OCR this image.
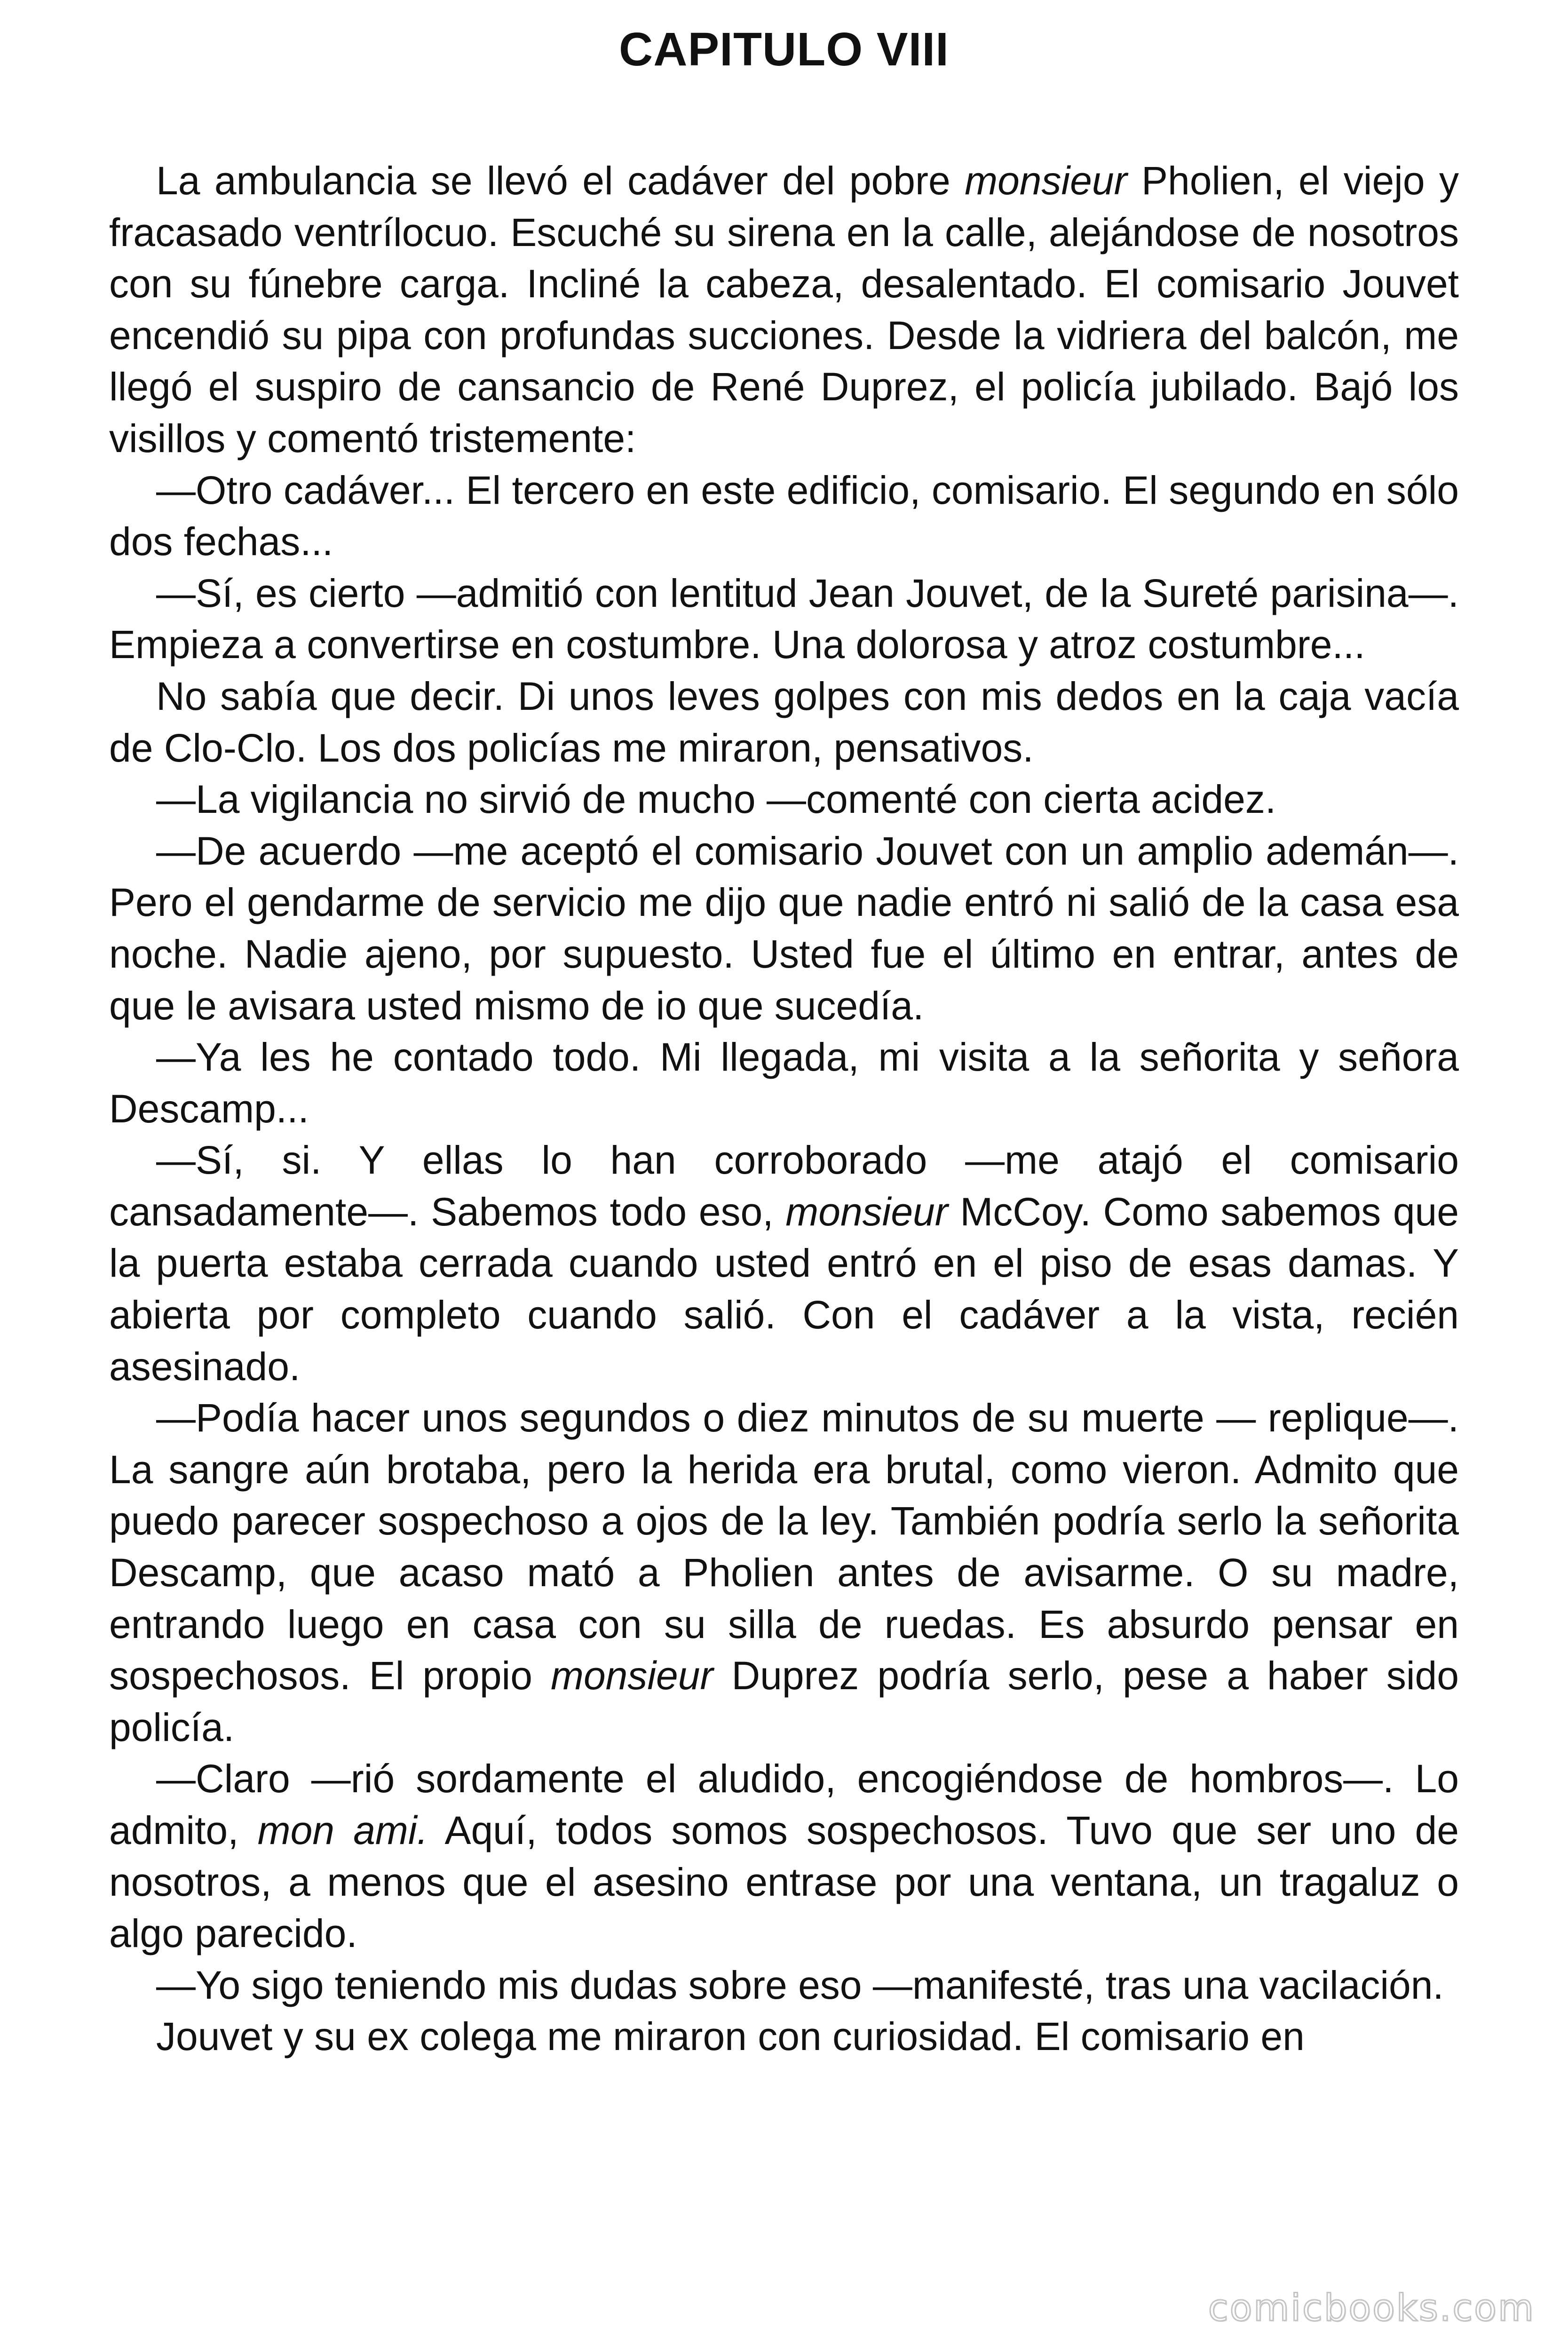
CAPITULO VIII

La ambulancia se llevó el cadáver del pobre monsieur Pholien, el viejo y fracasado ventrílocuo. Escuché su sirena en la calle, alejándose de nosotros con su fúnebre carga. Incliné la cabeza, desalentado. El comisario Jouvet encendió su pipa con profundas succiones. Desde la vidriera del balcón, me llegó el suspiro de cansancio de René Duprez, el policía jubilado. Bajó los visillos y comentó tristemente:

—Otro cadáver... El tercero en este edificio, comisario. El segundo en sólo dos fechas...

—Sí, es cierto —admitió con lentitud Jean Jouvet, de la Sureté parisina—. Empieza a convertirse en costumbre. Una dolorosa y atroz costumbre...

No sabía que decir. Di unos leves golpes con mis dedos en la caja vacía de Clo-Clo. Los dos policías me miraron, pensativos.

—La vigilancia no sirvió de mucho —comenté con cierta acidez.

—De acuerdo —me aceptó el comisario Jouvet con un amplio ademán—. Pero el gendarme de servicio me dijo que nadie entró ni salió de la casa esa noche. Nadie ajeno, por supuesto. Usted fue el último en entrar, antes de que le avisara usted mismo de io que sucedía.

—Ya les he contado todo. Mi llegada, mi visita a la señorita y señora Descamp...

—Sí, si. Y ellas lo han corroborado —me atajó el comisario cansadamente—. Sabemos todo eso, monsieur McCoy. Como sabemos que la puerta estaba cerrada cuando usted entró en el piso de esas damas. Y abierta por completo cuando salió. Con el cadáver a la vista, recién asesinado.

—Podía hacer unos segundos o diez minutos de su muerte — replique—. La sangre aún brotaba, pero la herida era brutal, como vieron. Admito que puedo parecer sospechoso a ojos de la ley. También podría serlo la señorita Descamp, que acaso mató a Pholien antes de avisarme. O su madre, entrando luego en casa con su silla de ruedas. Es absurdo pensar en sospechosos. El propio monsieur Duprez podría serlo, pese a haber sido policía.

—Claro —rió sordamente el aludido, encogiéndose de hombros—. Lo admito, mon ami. Aquí, todos somos sospechosos. Tuvo que ser uno de nosotros, a menos que el asesino entrase por una ventana, un tragaluz o algo parecido.

—Yo sigo teniendo mis dudas sobre eso —manifesté, tras una vacilación.

Jouvet y su ex colega me miraron con curiosidad. El comisario en

comicbooks.com
